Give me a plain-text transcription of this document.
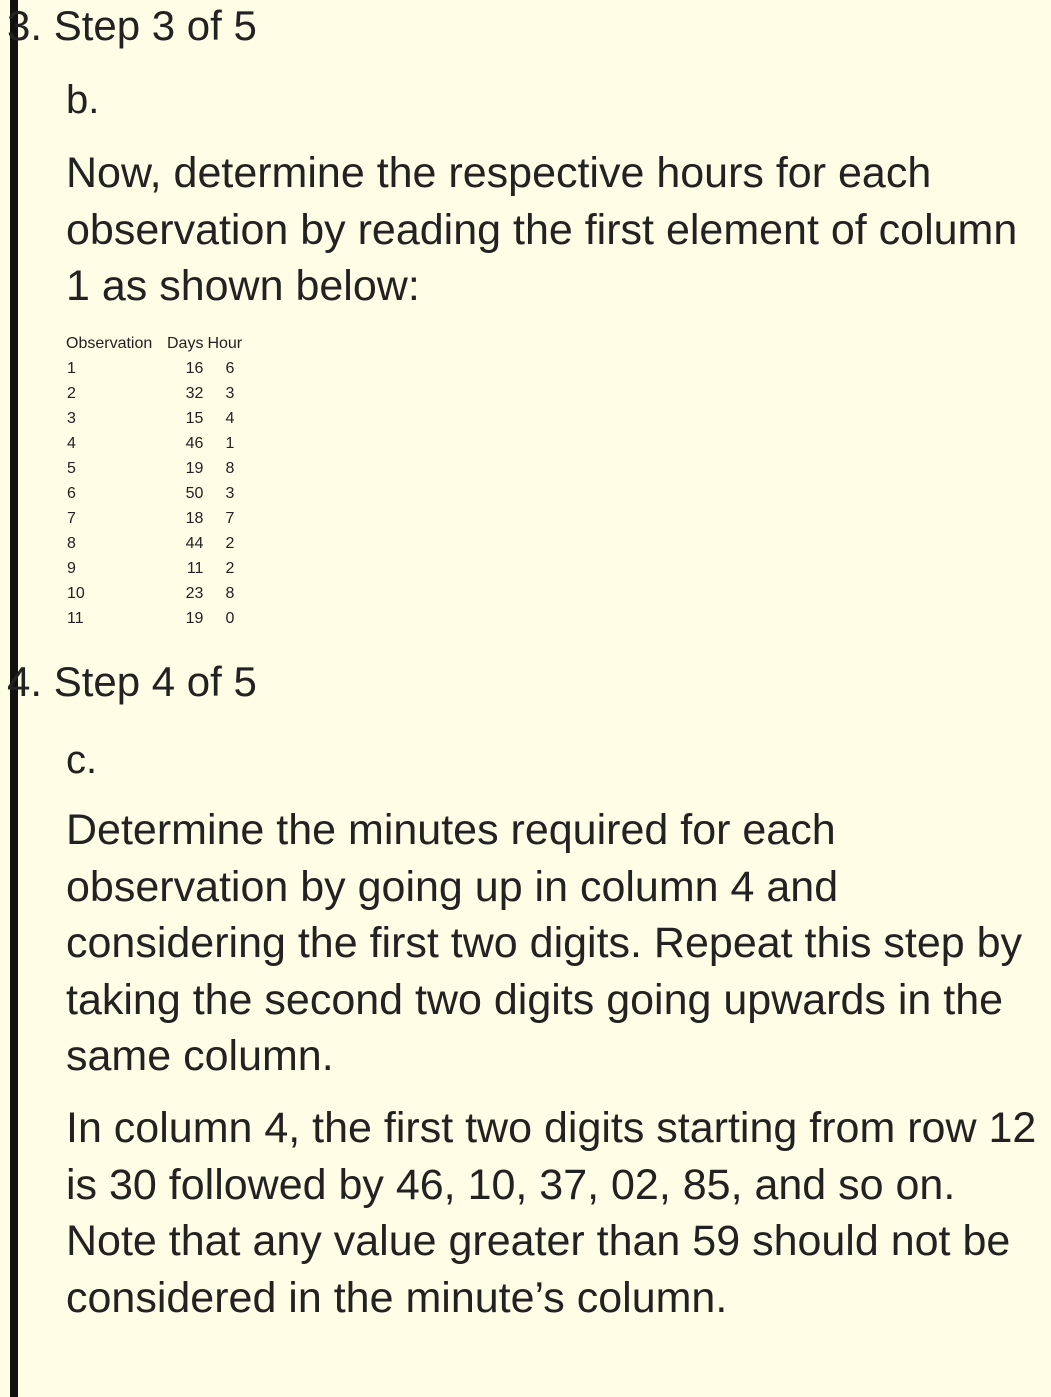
3. Step 3 of 5
b.
Now, determine the respective hours for each observation by reading the first element of column 1 as shown below:
Observation	Days	Hour
1	16	6
2	32	3
3	15	4
4	46	1
5	19	8
6	50	3
7	18	7
8	44	2
9	11	2
10	23	8
11	19	0
4. Step 4 of 5
c.
Determine the minutes required for each observation by going up in column 4 and considering the first two digits. Repeat this step by taking the second two digits going upwards in the same column.
In column 4, the first two digits starting from row 12 is 30 followed by 46, 10, 37, 02, 85, and so on. Note that any value greater than 59 should not be considered in the minute’s column.
